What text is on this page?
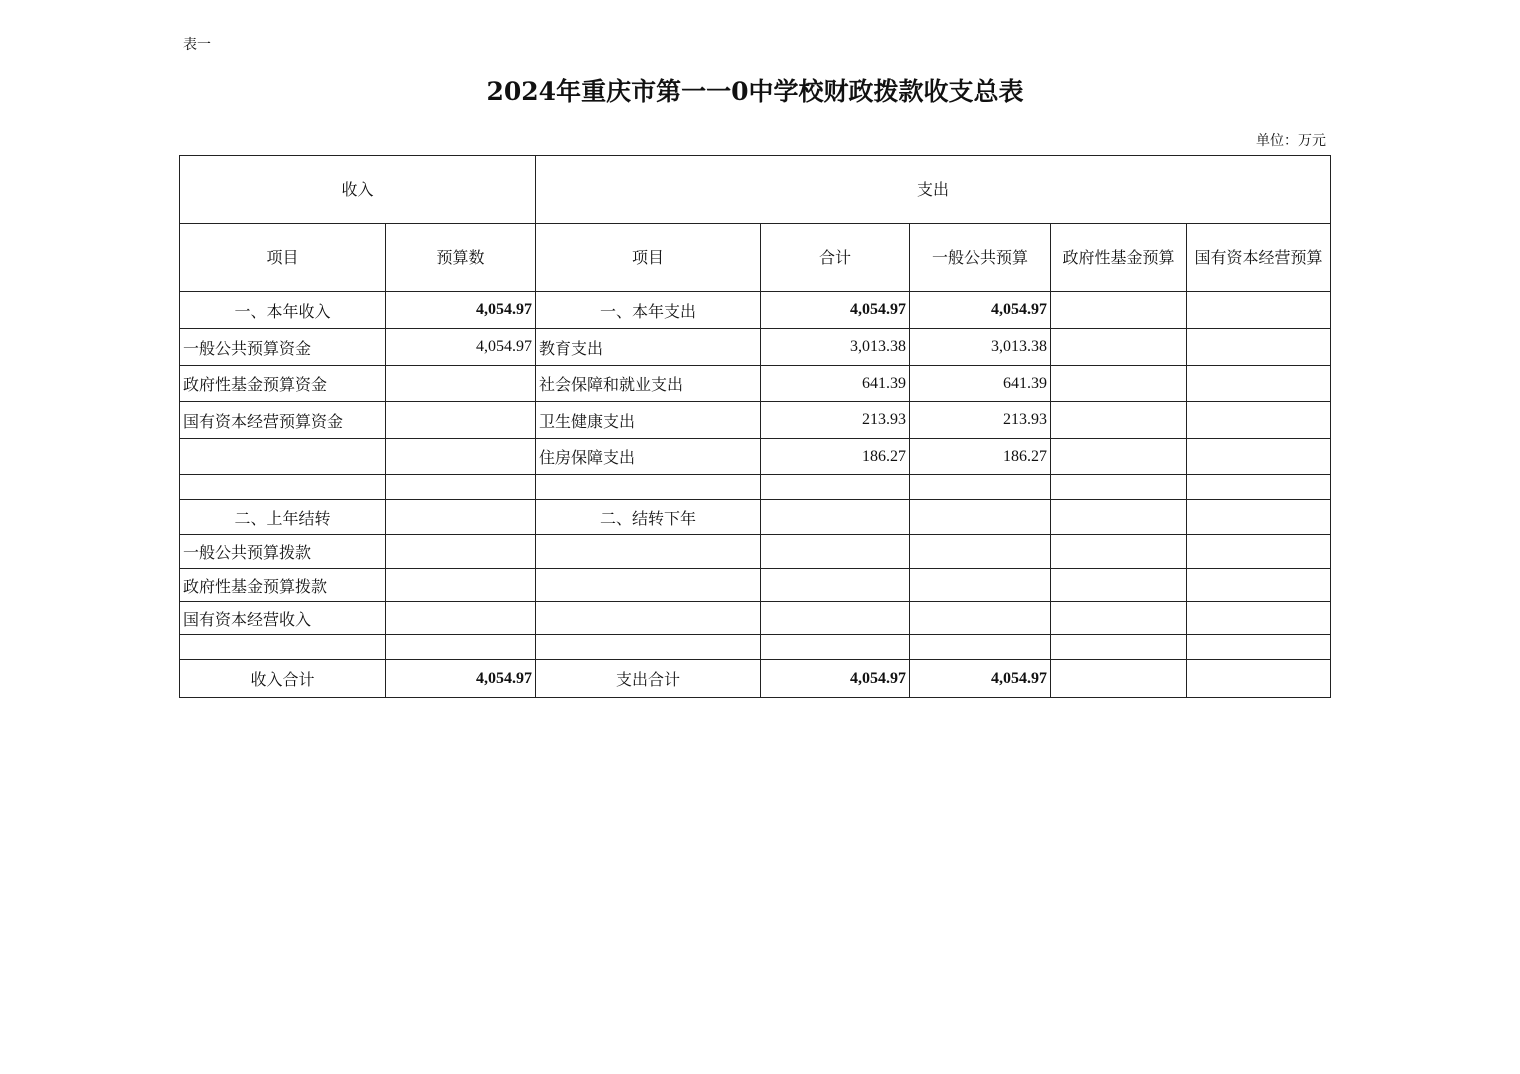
表一
2024年重庆市第一一0中学校财政拨款收支总表
单位：万元
收入		支出				
项目	预算数	项目	合计	一般公共预算	政府性基金预算	国有资本经营预算
一、本年收入	4,054.97	一、本年支出	4,054.97	4,054.97		
一般公共预算资金	4,054.97	教育支出	3,013.38	3,013.38		
政府性基金预算资金		社会保障和就业支出	641.39	641.39		
国有资本经营预算资金		卫生健康支出	213.93	213.93		
		住房保障支出	186.27	186.27		

二、上年结转		二、结转下年				
一般公共预算拨款						
政府性基金预算拨款						
国有资本经营收入						

收入合计	4,054.97	支出合计	4,054.97	4,054.97		
